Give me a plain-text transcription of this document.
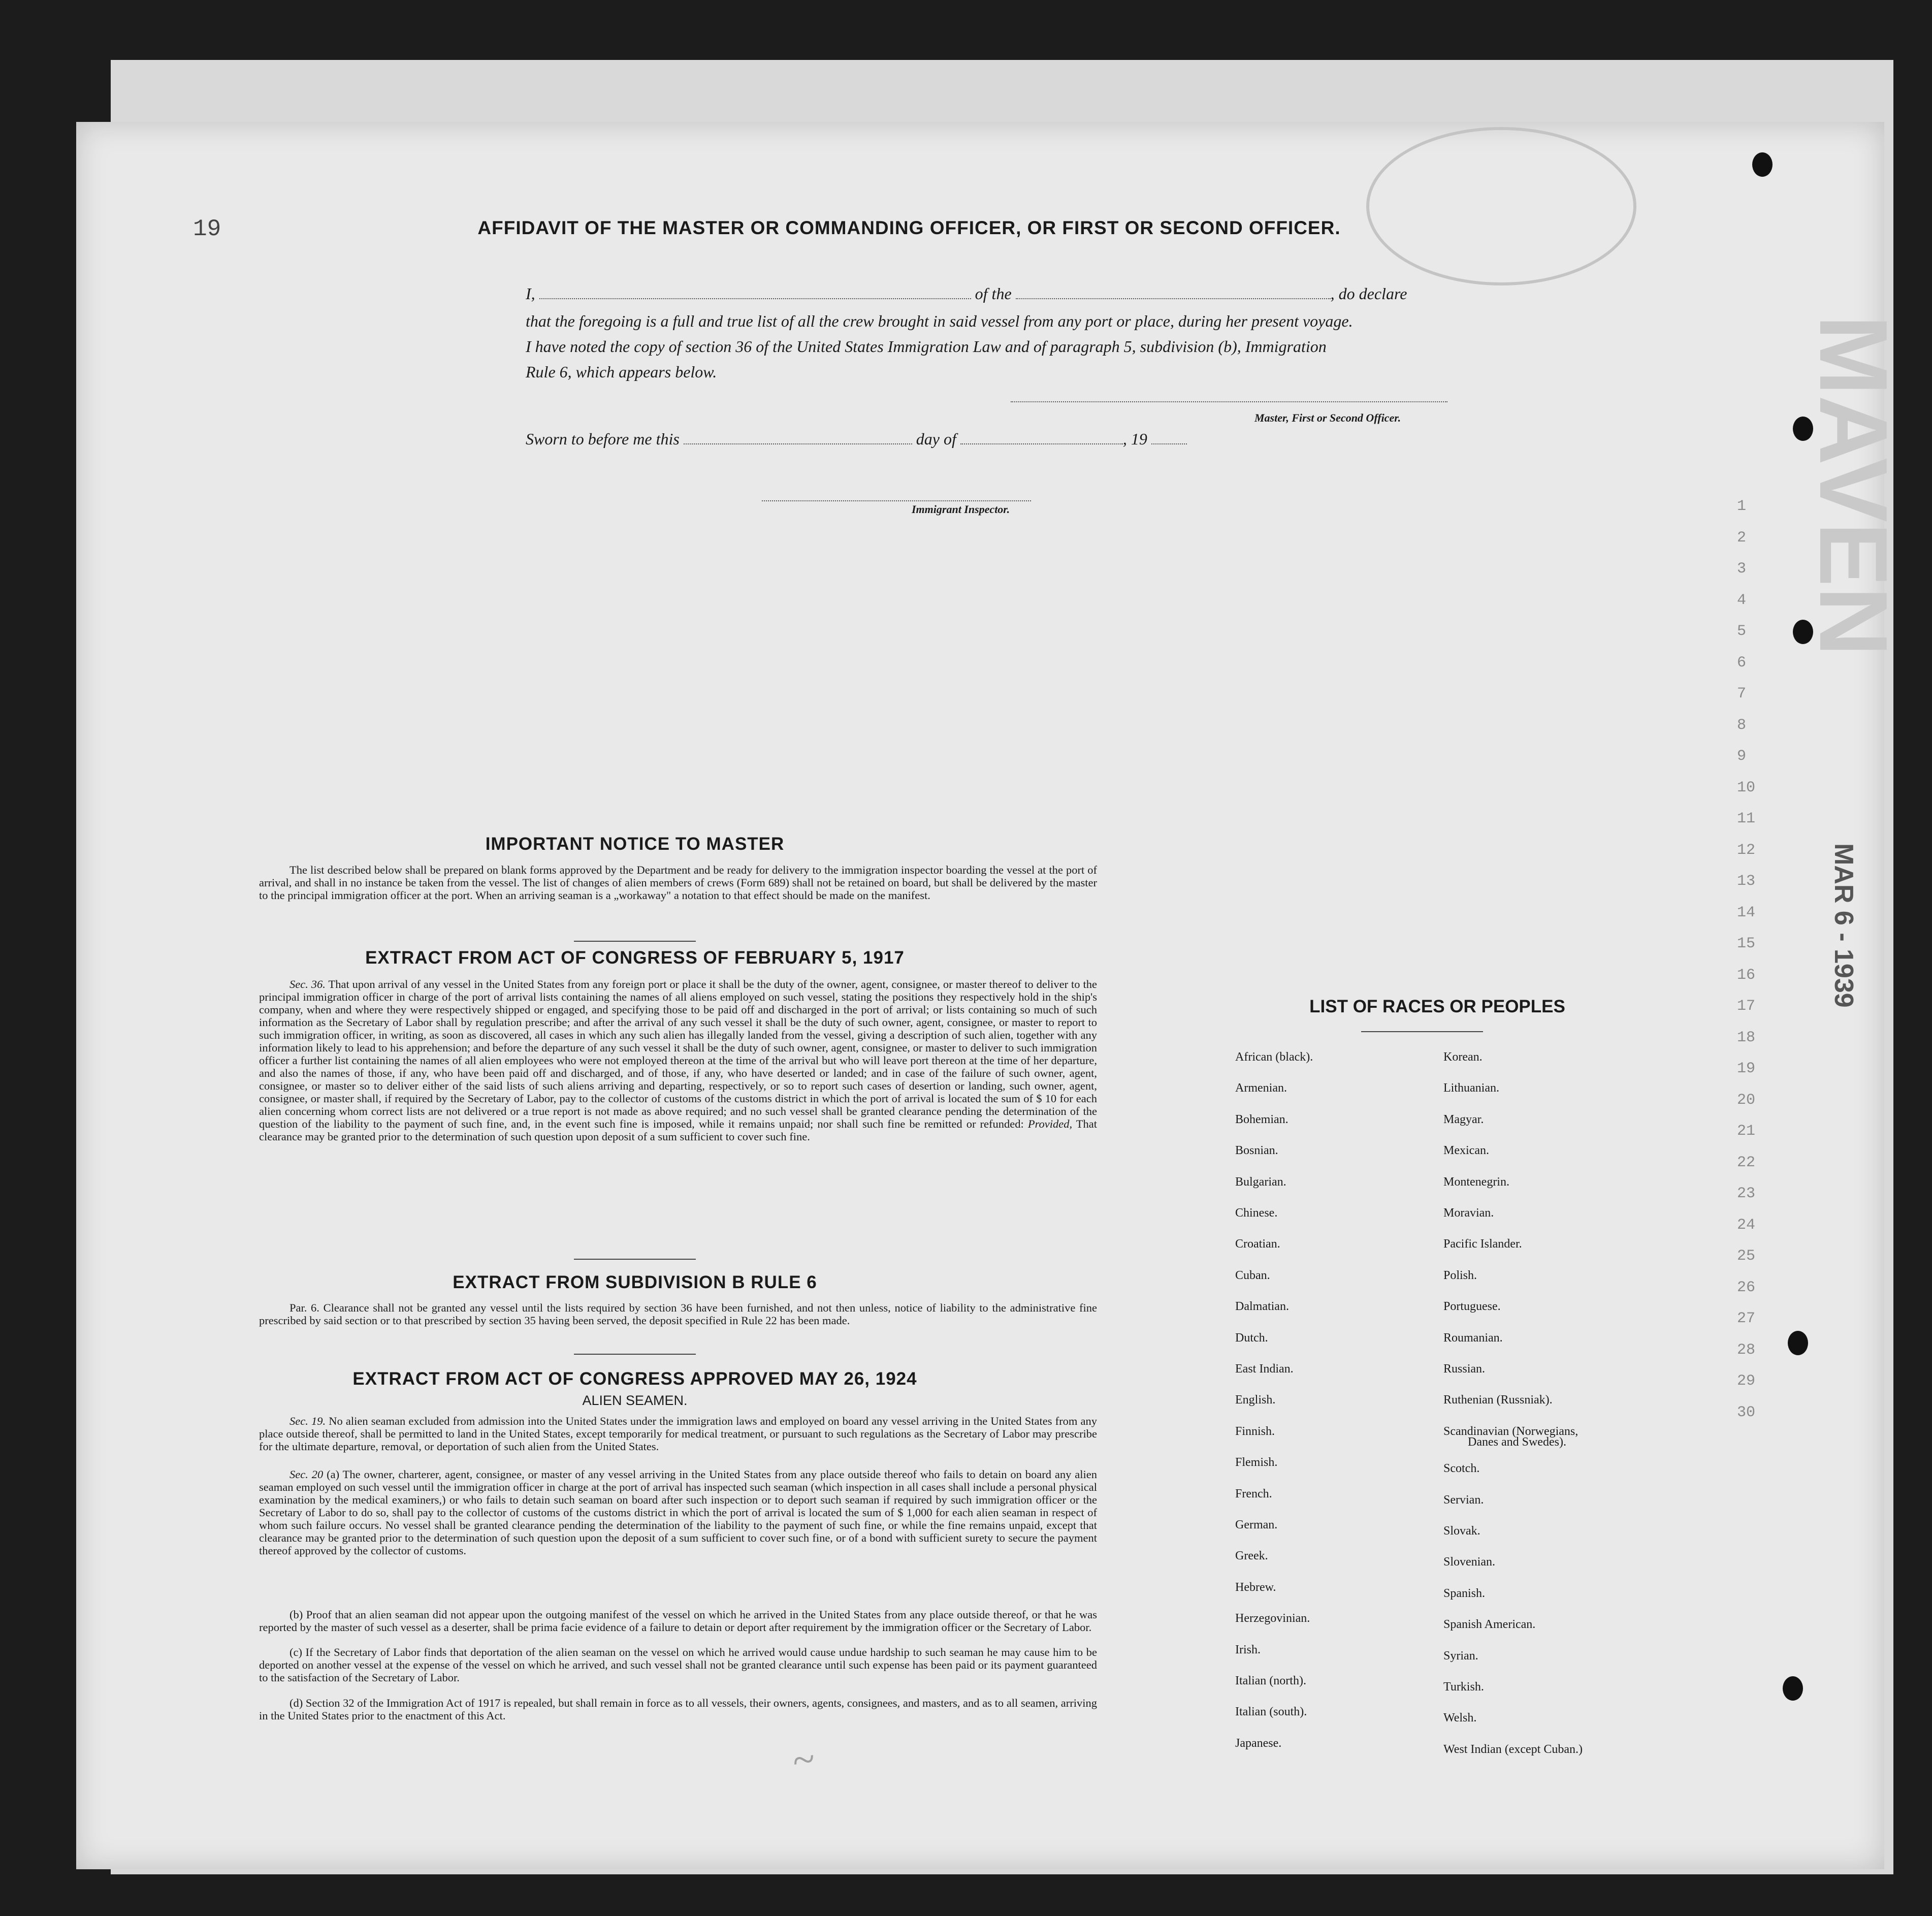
MAVEN
MAR 6 - 1939
~
1
2
3
4
5
6
7
8
9
10
11
12
13
14
15
16
17
18
19
20
21
22
23
24
25
26
27
28
29
30
19	AFFIDAVIT OF THE MASTER OR COMMANDING OFFICER, OR FIRST OR SECOND OFFICER.
I,	of the	, do declare
that the foregoing is a full and true list of all the crew brought in said vessel from any port or place, during her present voyage.
I have noted the copy of section 36 of the United States Immigration Law and of paragraph 5, subdivision (b), Immigration
Rule 6, which appears below.
Master, First or Second Officer.
Sworn to before me this	day of	, 19
Immigrant Inspector.
IMPORTANT NOTICE TO MASTER
The list described below shall be prepared on blank forms approved by the Department and be ready for delivery to the immigration inspector boarding the vessel at the port of arrival, and shall in no instance be taken from the vessel. The list of changes of alien members of crews (Form 689) shall not be retained on board, but shall be delivered by the master to the principal immigration officer at the port. When an arriving seaman is a „workaway" a notation to that effect should be made on the manifest.
EXTRACT FROM ACT OF CONGRESS OF FEBRUARY 5, 1917
Sec. 36. That upon arrival of any vessel in the United States from any foreign port or place it shall be the duty of the owner, agent, consignee, or master thereof to deliver to the principal immigration officer in charge of the port of arrival lists containing the names of all aliens employed on such vessel, stating the positions they respectively hold in the ship's company, when and where they were respectively shipped or engaged, and specifying those to be paid off and discharged in the port of arrival; or lists containing so much of such information as the Secretary of Labor shall by regulation prescribe; and after the arrival of any such vessel it shall be the duty of such owner, agent, consignee, or master to report to such immigration officer, in writing, as soon as discovered, all cases in which any such alien has illegally landed from the vessel, giving a description of such alien, together with any information likely to lead to his apprehension; and before the departure of any such vessel it shall be the duty of such owner, agent, consignee, or master to deliver to such immigration officer a further list containing the names of all alien employees who were not employed thereon at the time of the arrival but who will leave port thereon at the time of her departure, and also the names of those, if any, who have been paid off and discharged, and of those, if any, who have deserted or landed; and in case of the failure of such owner, agent, consignee, or master so to deliver either of the said lists of such aliens arriving and departing, respectively, or so to report such cases of desertion or landing, such owner, agent, consignee, or master shall, if required by the Secretary of Labor, pay to the collector of customs of the customs district in which the port of arrival is located the sum of $ 10 for each alien concerning whom correct lists are not delivered or a true report is not made as above required; and no such vessel shall be granted clearance pending the determination of the question of the liability to the payment of such fine, and, in the event such fine is imposed, while it remains unpaid; nor shall such fine be remitted or refunded: Provided, That clearance may be granted prior to the determination of such question upon deposit of a sum sufficient to cover such fine.
EXTRACT FROM SUBDIVISION B RULE 6
Par. 6. Clearance shall not be granted any vessel until the lists required by section 36 have been furnished, and not then unless, notice of liability to the administrative fine prescribed by said section or to that prescribed by section 35 having been served, the deposit specified in Rule 22 has been made.
EXTRACT FROM ACT OF CONGRESS APPROVED MAY 26, 1924
ALIEN SEAMEN.
Sec. 19. No alien seaman excluded from admission into the United States under the immigration laws and employed on board any vessel arriving in the United States from any place outside thereof, shall be permitted to land in the United States, except temporarily for medical treatment, or pursuant to such regulations as the Secretary of Labor may prescribe for the ultimate departure, removal, or deportation of such alien from the United States.
Sec. 20 (a) The owner, charterer, agent, consignee, or master of any vessel arriving in the United States from any place outside thereof who fails to detain on board any alien seaman employed on such vessel until the immigration officer in charge at the port of arrival has inspected such seaman (which inspection in all cases shall include a personal physical examination by the medical examiners,) or who fails to detain such seaman on board after such inspection or to deport such seaman if required by such immigration officer or the Secretary of Labor to do so, shall pay to the collector of customs of the customs district in which the port of arrival is located the sum of $ 1,000 for each alien seaman in respect of whom such failure occurs. No vessel shall be granted clearance pending the determination of the liability to the payment of such fine, or while the fine remains unpaid, except that clearance may be granted prior to the determination of such question upon the deposit of a sum sufficient to cover such fine, or of a bond with sufficient surety to secure the payment thereof approved by the collector of customs.
(b) Proof that an alien seaman did not appear upon the outgoing manifest of the vessel on which he arrived in the United States from any place outside thereof, or that he was reported by the master of such vessel as a deserter, shall be prima facie evidence of a failure to detain or deport after requirement by the immigration officer or the Secretary of Labor.
(c) If the Secretary of Labor finds that deportation of the alien seaman on the vessel on which he arrived would cause undue hardship to such seaman he may cause him to be deported on another vessel at the expense of the vessel on which he arrived, and such vessel shall not be granted clearance until such expense has been paid or its payment guaranteed to the satisfaction of the Secretary of Labor.
(d) Section 32 of the Immigration Act of 1917 is repealed, but shall remain in force as to all vessels, their owners, agents, consignees, and masters, and as to all seamen, arriving in the United States prior to the enactment of this Act.
LIST OF RACES OR PEOPLES
African (black).
Armenian.
Bohemian.
Bosnian.
Bulgarian.
Chinese.
Croatian.
Cuban.
Dalmatian.
Dutch.
East Indian.
English.
Finnish.
Flemish.
French.
German.
Greek.
Hebrew.
Herzegovinian.
Irish.
Italian (north).
Italian (south).
Japanese.
Korean.
Lithuanian.
Magyar.
Mexican.
Montenegrin.
Moravian.
Pacific Islander.
Polish.
Portuguese.
Roumanian.
Russian.
Ruthenian (Russniak).
Scandinavian (Norwegians,
Scotch.
Servian.
Slovak.
Slovenian.
Spanish.
Spanish American.
Syrian.
Turkish.
Welsh.
West Indian (except Cuban.)
Danes and Swedes).
